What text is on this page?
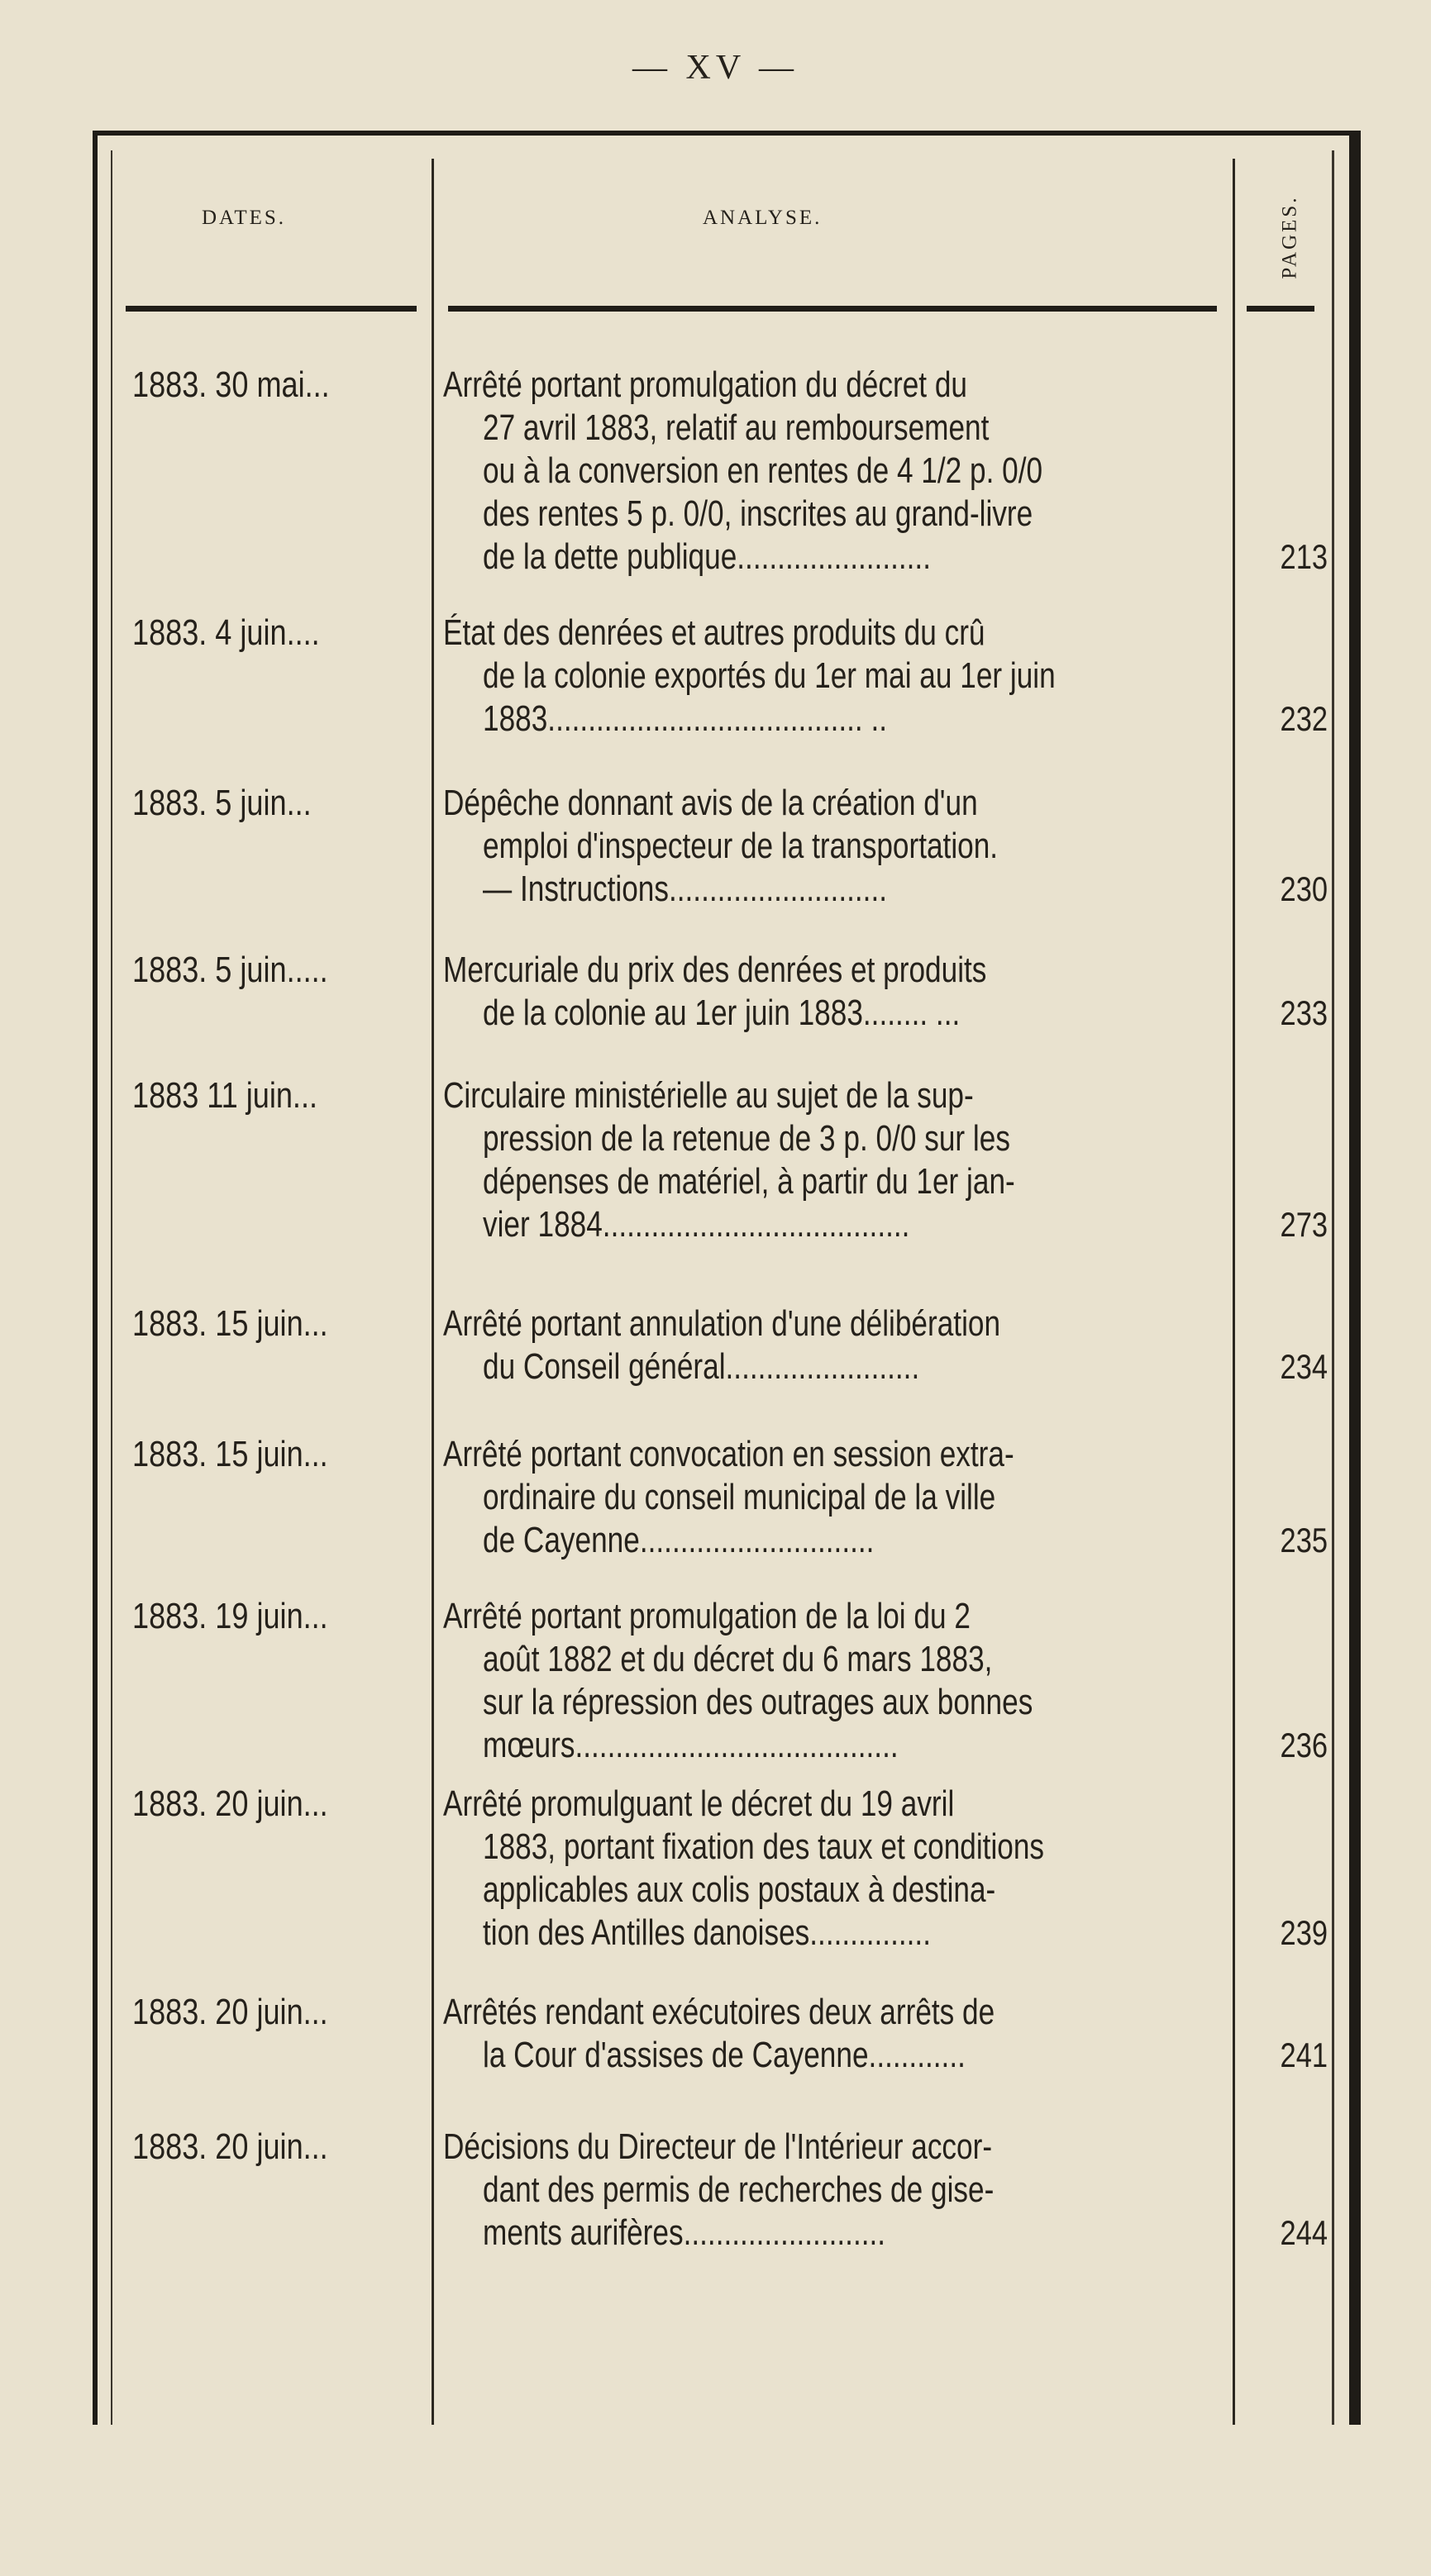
— XV —
DATES.	ANALYSE.	PAGES.
1883. 30 mai...	Arrêté portant promulgation du décret du
27 avril 1883, relatif au remboursement
ou à la conversion en rentes de 4 1/2 p. 0/0
des rentes 5 p. 0/0, inscrites au grand-livre
de la dette publique........................	213
1883. 4 juin....	État des denrées et autres produits du crû
de la colonie exportés du 1er mai au 1er juin
1883....................................... ..	232
1883. 5 juin...	Dépêche donnant avis de la création d'un
emploi d'inspecteur de la transportation.
— Instructions...........................	230
1883. 5 juin.....	Mercuriale du prix des denrées et produits
de la colonie au 1er juin 1883........ ...	233
1883 11 juin...	Circulaire ministérielle au sujet de la sup-
pression de la retenue de 3 p. 0/0 sur les
dépenses de matériel, à partir du 1er jan-
vier 1884......................................	273
1883. 15 juin...	Arrêté portant annulation d'une délibération
du Conseil général........................	234
1883. 15 juin...	Arrêté portant convocation en session extra-
ordinaire du conseil municipal de la ville
de Cayenne.............................	235
1883. 19 juin...	Arrêté portant promulgation de la loi du 2
août 1882 et du décret du 6 mars 1883,
sur la répression des outrages aux bonnes
mœurs........................................	236
1883. 20 juin...	Arrêté promulguant le décret du 19 avril
1883, portant fixation des taux et conditions
applicables aux colis postaux à destina-
tion des Antilles danoises...............	239
1883. 20 juin...	Arrêtés rendant exécutoires deux arrêts de
la Cour d'assises de Cayenne............	241
1883. 20 juin...	Décisions du Directeur de l'Intérieur accor-
dant des permis de recherches de gise-
ments aurifères.........................	244
